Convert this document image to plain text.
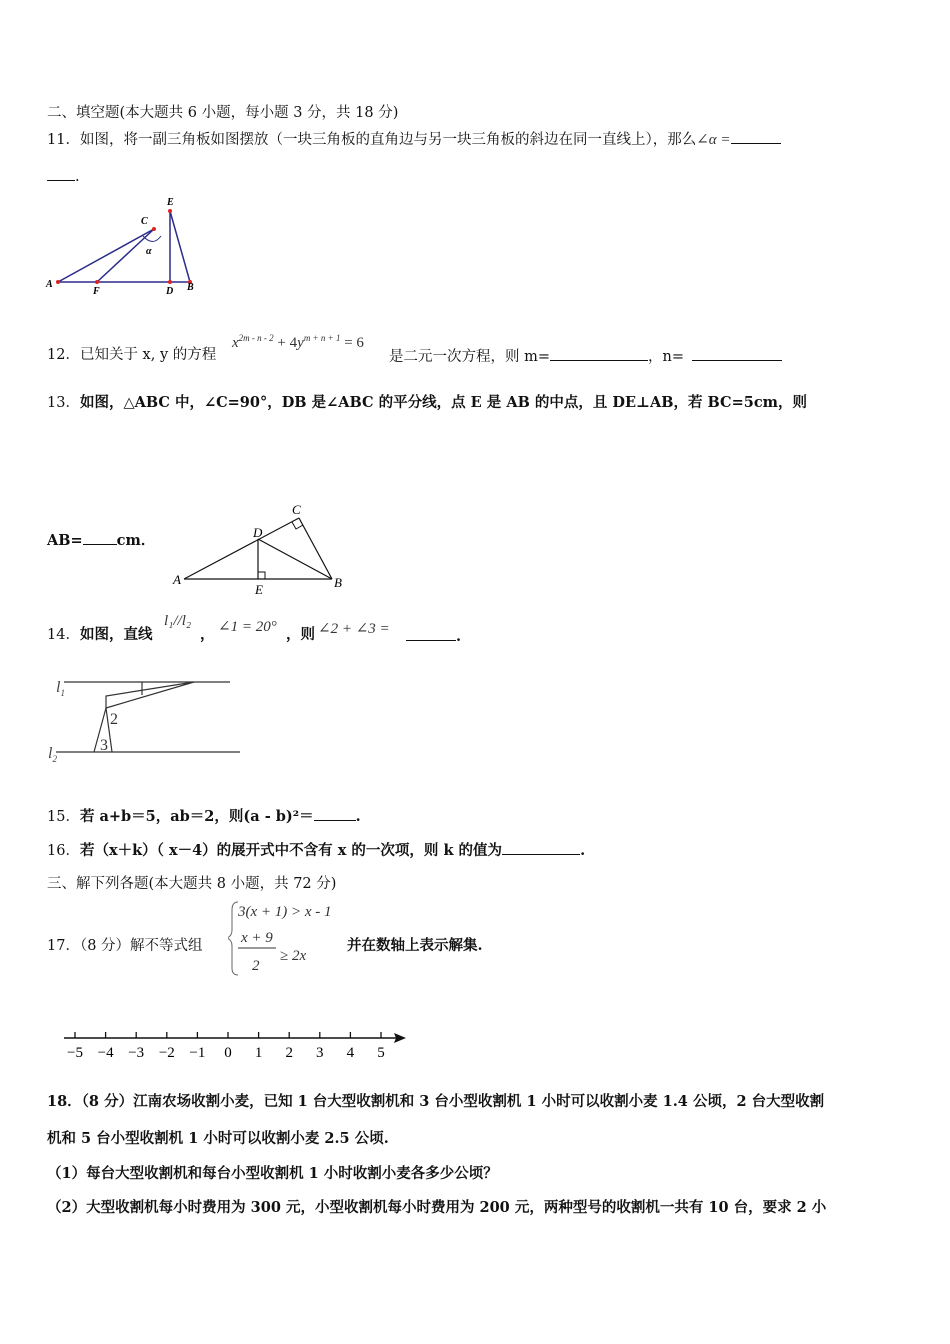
二、填空题(本大题共 6 小题，每小题 3 分，共 18 分)
11．如图，将一副三角板如图摆放（一块三角板的直角边与另一块三角板的斜边在同一直线上），那么∠α =
.
A
F	D B
C
E
α
12．已知关于 x, y 的方程
$x^{2m - n - 2} + 4y^{m + n + 1} = 6$
是二元一次方程，则 m=	，n=
13．如图，△ABC 中，∠C=90°，DB 是∠ABC 的平分线，点 E 是 AB 的中点，且 DE⊥AB，若 BC=5cm，则
AB= cm．
A	B
C
D
E
14．如图，直线
l₁//l₂
， ∠1 = 20° ，则 ∠2 + ∠3 =	.
$l_1$
$l_2$
2
3
15．若 a+b＝5，ab＝2，则(a - b)²＝	.
16．若（x＋k）（ x－4）的展开式中不含有 x 的一次项，则 k 的值为	.
三、解下列各题(本大题共 8 小题，共 72 分)
17．（8 分）解不等式组
3(x + 1) > x - 1
x + 9
2
≥ 2x
并在数轴上表示解集.
−5 −4 −3 −2 −1 0 1 2 3 4 5
18．（8 分）江南农场收割小麦，已知 1 台大型收割机和 3 台小型收割机 1 小时可以收割小麦 1.4 公顷，2 台大型收割
机和 5 台小型收割机 1 小时可以收割小麦 2.5 公顷.
（1）每台大型收割机和每台小型收割机 1 小时收割小麦各多少公顷？
（2）大型收割机每小时费用为 300 元，小型收割机每小时费用为 200 元，两种型号的收割机一共有 10 台，要求 2 小
